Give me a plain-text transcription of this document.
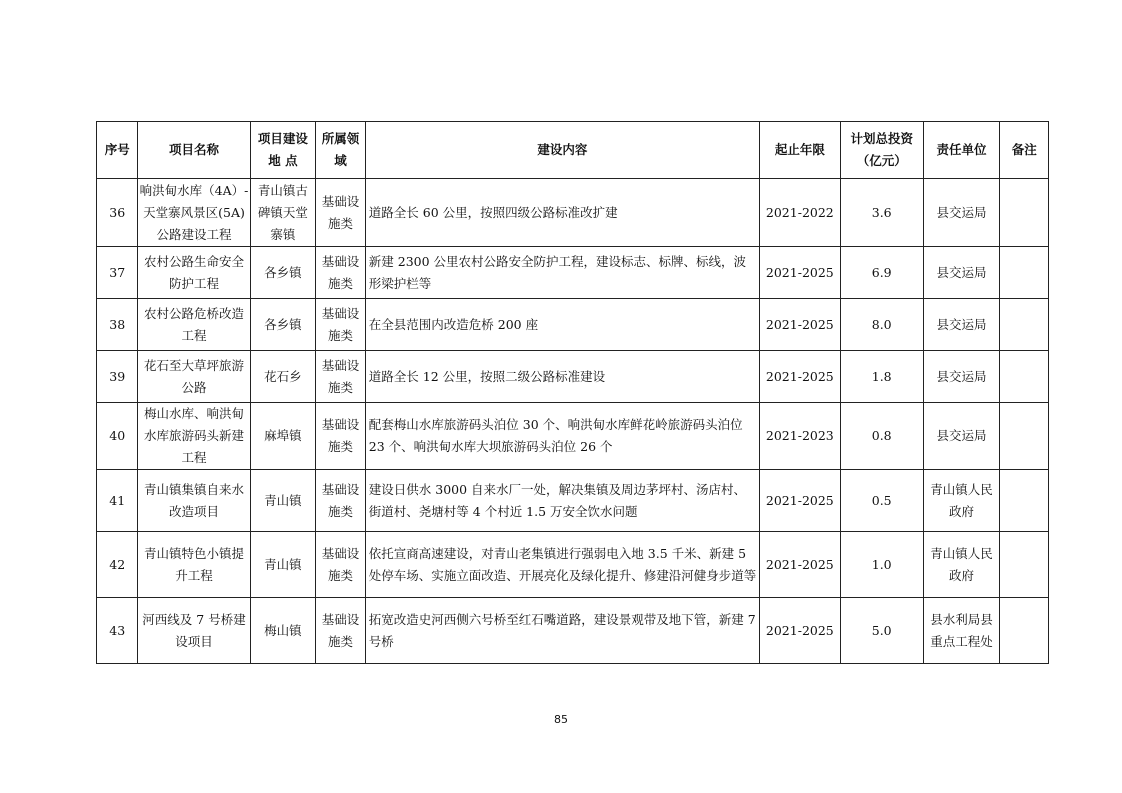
序号	项目名称	项目建设地 点	所属领域	建设内容	起止年限	计划总投资（亿元）	责任单位	备注
36	响洪甸水库（4A）-天堂寨风景区(5A)公路建设工程	青山镇古碑镇天堂寨镇	基础设施类	道路全长 60 公里，按照四级公路标准改扩建	2021-2022	3.6	县交运局	
37	农村公路生命安全防护工程	各乡镇	基础设施类	新建 2300 公里农村公路安全防护工程，建设标志、标牌、标线，波形梁护栏等	2021-2025	6.9	县交运局	
38	农村公路危桥改造工程	各乡镇	基础设施类	在全县范围内改造危桥 200 座	2021-2025	8.0	县交运局	
39	花石至大草坪旅游公路	花石乡	基础设施类	道路全长 12 公里，按照二级公路标准建设	2021-2025	1.8	县交运局	
40	梅山水库、响洪甸水库旅游码头新建工程	麻埠镇	基础设施类	配套梅山水库旅游码头泊位 30 个、响洪甸水库鲜花岭旅游码头泊位 23 个、响洪甸水库大坝旅游码头泊位 26 个	2021-2023	0.8	县交运局	
41	青山镇集镇自来水改造项目	青山镇	基础设施类	建设日供水 3000 自来水厂一处，解决集镇及周边茅坪村、汤店村、街道村、尧塘村等 4 个村近 1.5 万安全饮水问题	2021-2025	0.5	青山镇人民政府	
42	青山镇特色小镇提升工程	青山镇	基础设施类	依托宣商高速建设，对青山老集镇进行强弱电入地 3.5 千米、新建 5 处停车场、实施立面改造、开展亮化及绿化提升、修建沿河健身步道等	2021-2025	1.0	青山镇人民政府	
43	河西线及 7 号桥建设项目	梅山镇	基础设施类	拓宽改造史河西侧六号桥至红石嘴道路，建设景观带及地下管，新建 7 号桥	2021-2025	5.0	县水利局县重点工程处	
85
